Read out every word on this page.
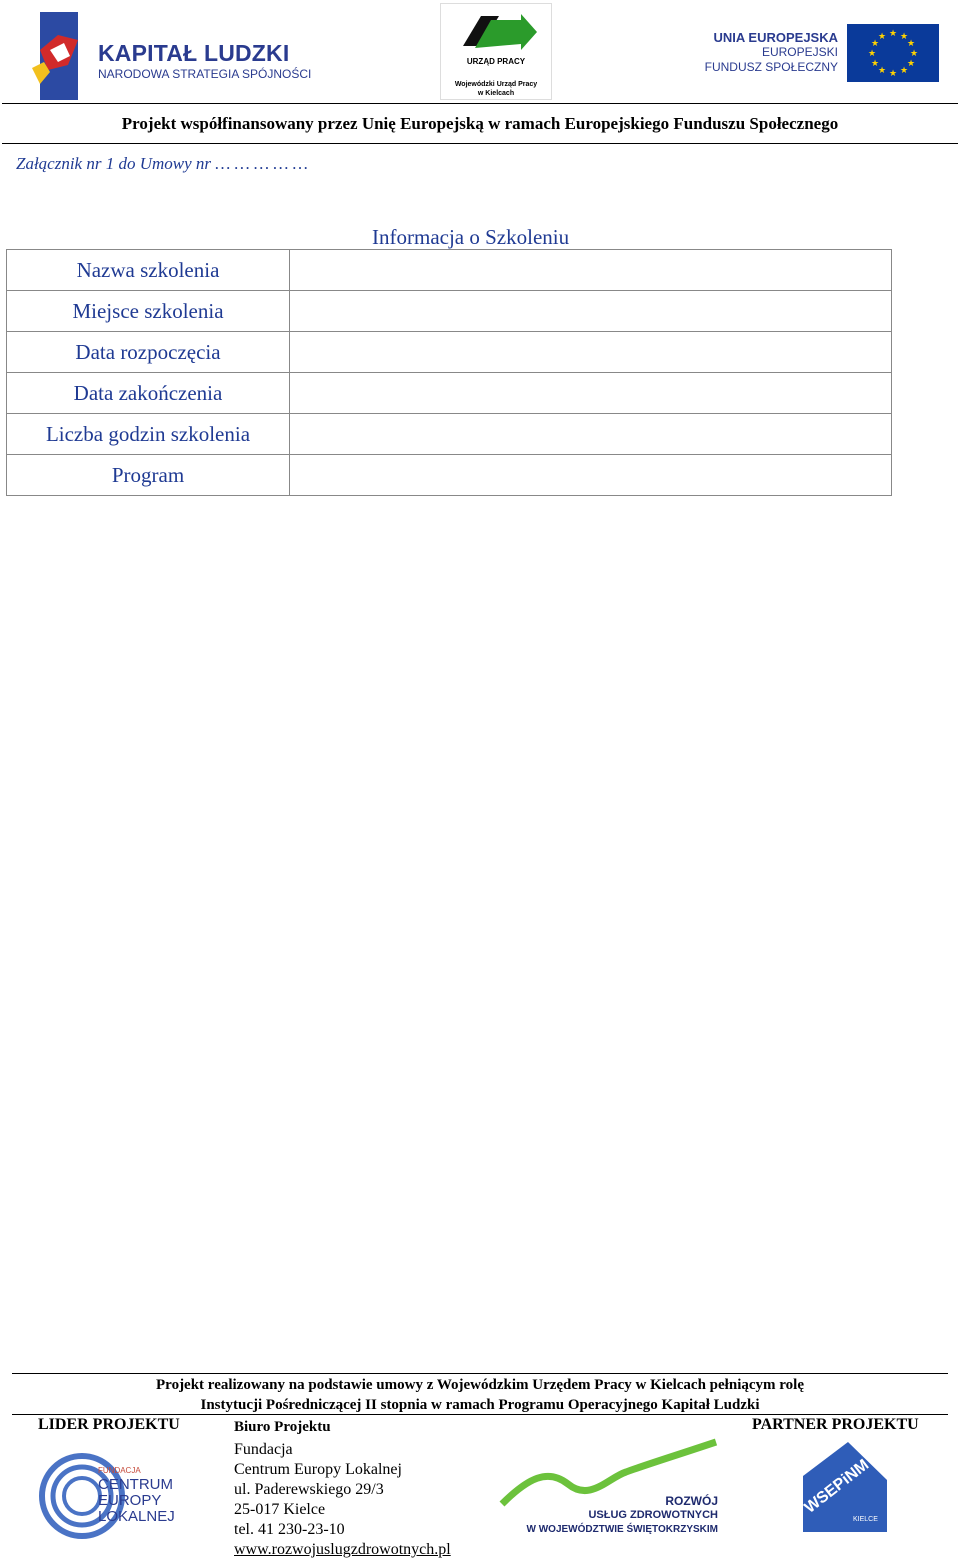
KAPITAŁ LUDZKI
NARODOWA STRATEGIA SPÓJNOŚCI
URZĄD PRACY
Wojewódzki Urząd Pracy
w Kielcach
UNIA EUROPEJSKA
EUROPEJSKI
FUNDUSZ SPOŁECZNY
★ ★
★
★
★
★
★
★
★
★
★
★
Projekt współfinansowany przez Unię Europejską w ramach Europejskiego Funduszu Społecznego
Załącznik nr 1 do Umowy nr … … … … …
Informacja o Szkoleniu
Nazwa szkolenia	
Miejsce szkolenia	
Data rozpoczęcia	
Data zakończenia	
Liczba godzin szkolenia	
Program	
Projekt realizowany na podstawie umowy z Wojewódzkim Urzędem Pracy w Kielcach pełniącym rolę
Instytucji Pośredniczącej II stopnia w ramach Programu Operacyjnego Kapitał Ludzki
LIDER PROJEKTU	PARTNER PROJEKTU
Biuro Projektu
Fundacja
Centrum Europy Lokalnej
ul. Paderewskiego 29/3
25-017 Kielce
tel. 41 230-23-10
www.rozwojuslugzdrowotnych.pl
FUNDACJA
CENTRUM
EUROPY
LOKALNEJ
ROZWÓJ
USŁUG ZDROWOTNYCH
W WOJEWÓDZTWIE ŚWIĘTOKRZYSKIM
WSEPiNM
KIELCE
